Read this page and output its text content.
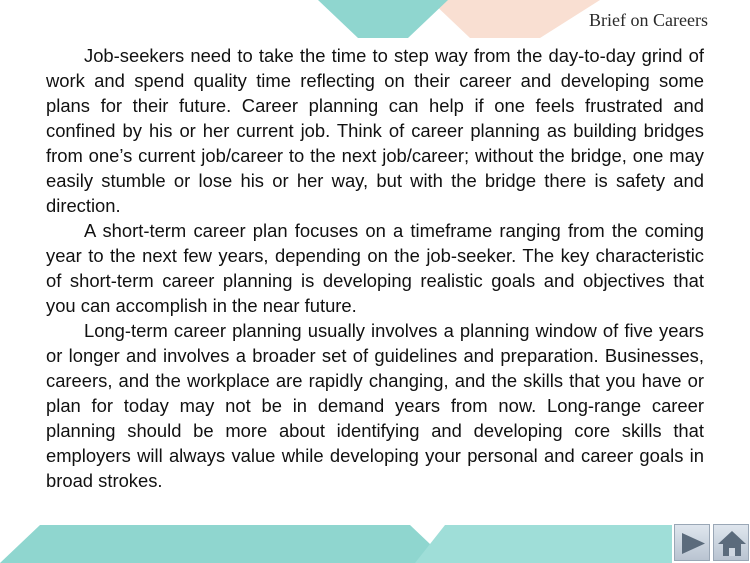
Brief on Careers

Job-seekers need to take the time to step way from the day-to-day grind of work and spend quality time reflecting on their career and developing some plans for their future. Career planning can help if one feels frustrated and confined by his or her current job. Think of career planning as building bridges from one’s current job/career to the next job/career; without the bridge, one may easily stumble or lose his or her way, but with the bridge there is safety and direction.

A short-term career plan focuses on a timeframe ranging from the coming year to the next few years, depending on the job-seeker. The key characteristic of short-term career planning is developing realistic goals and objectives that you can accomplish in the near future.

Long-term career planning usually involves a planning window of five years or longer and involves a broader set of guidelines and preparation. Businesses, careers, and the workplace are rapidly changing, and the skills that you have or plan for today may not be in demand years from now. Long-range career planning should be more about identifying and developing core skills that employers will always value while developing your personal and career goals in broad strokes.
